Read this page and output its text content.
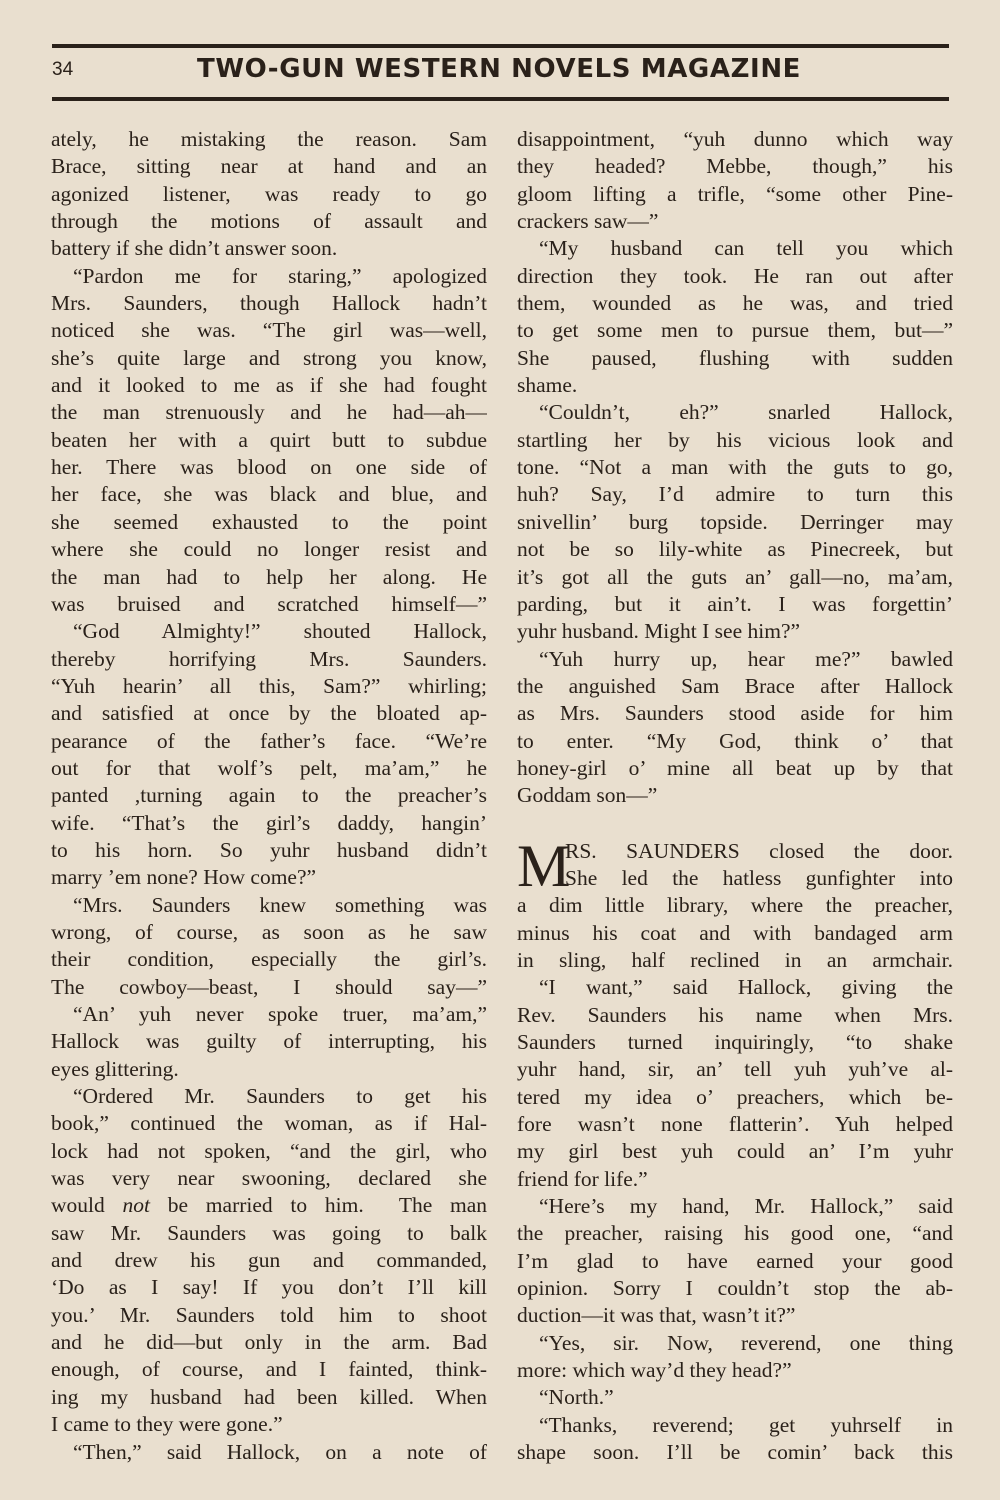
34	TWO-GUN WESTERN NOVELS MAGAZINE
ately, he mistaking the reason. Sam
Brace, sitting near at hand and an
agonized listener, was ready to go
through the motions of assault and
battery if she didn’t answer soon.
“Pardon me for staring,” apologized
Mrs. Saunders, though Hallock hadn’t
noticed she was. “The girl was—well,
she’s quite large and strong you know,
and it looked to me as if she had fought
the man strenuously and he had—ah—
beaten her with a quirt butt to subdue
her. There was blood on one side of
her face, she was black and blue, and
she seemed exhausted to the point
where she could no longer resist and
the man had to help her along. He
was bruised and scratched himself—”
“God Almighty!” shouted Hallock,
thereby horrifying Mrs. Saunders.
“Yuh hearin’ all this, Sam?” whirling;
and satisfied at once by the bloated ap-
pearance of the father’s face. “We’re
out for that wolf’s pelt, ma’am,” he
panted ,turning again to the preacher’s
wife. “That’s the girl’s daddy, hangin’
to his horn. So yuhr husband didn’t
marry ’em none? How come?”
“Mrs. Saunders knew something was
wrong, of course, as soon as he saw
their condition, especially the girl’s.
The cowboy—beast, I should say—”
“An’ yuh never spoke truer, ma’am,”
Hallock was guilty of interrupting, his
eyes glittering.
“Ordered Mr. Saunders to get his
book,” continued the woman, as if Hal-
lock had not spoken, “and the girl, who
was very near swooning, declared she
would not be married to him.  The man
saw Mr. Saunders was going to balk
and drew his gun and commanded,
‘Do as I say! If you don’t I’ll kill
you.’ Mr. Saunders told him to shoot
and he did—but only in the arm. Bad
enough, of course, and I fainted, think-
ing my husband had been killed. When
I came to they were gone.”
“Then,” said Hallock, on a note of
disappointment, “yuh dunno which way
they headed? Mebbe, though,” his
gloom lifting a trifle, “some other Pine-
crackers saw—”
“My husband can tell you which
direction they took. He ran out after
them, wounded as he was, and tried
to get some men to pursue them, but—”
She paused, flushing with sudden
shame.
“Couldn’t, eh?” snarled Hallock,
startling her by his vicious look and
tone. “Not a man with the guts to go,
huh? Say, I’d admire to turn this
snivellin’ burg topside. Derringer may
not be so lily-white as Pinecreek, but
it’s got all the guts an’ gall—no, ma’am,
parding, but it ain’t. I was forgettin’
yuhr husband. Might I see him?”
“Yuh hurry up, hear me?” bawled
the anguished Sam Brace after Hallock
as Mrs. Saunders stood aside for him
to enter. “My God, think o’ that
honey-girl o’ mine all beat up by that
Goddam son—”
M
RS. SAUNDERS closed the door.
She led the hatless gunfighter into
a dim little library, where the preacher,
minus his coat and with bandaged arm
in sling, half reclined in an armchair.
“I want,” said Hallock, giving the
Rev. Saunders his name when Mrs.
Saunders turned inquiringly, “to shake
yuhr hand, sir, an’ tell yuh yuh’ve al-
tered my idea o’ preachers, which be-
fore wasn’t none flatterin’. Yuh helped
my girl best yuh could an’ I’m yuhr
friend for life.”
“Here’s my hand, Mr. Hallock,” said
the preacher, raising his good one, “and
I’m glad to have earned your good
opinion. Sorry I couldn’t stop the ab-
duction—it was that, wasn’t it?”
“Yes, sir. Now, reverend, one thing
more: which way’d they head?”
“North.”
“Thanks, reverend; get yuhrself in
shape soon. I’ll be comin’ back this
